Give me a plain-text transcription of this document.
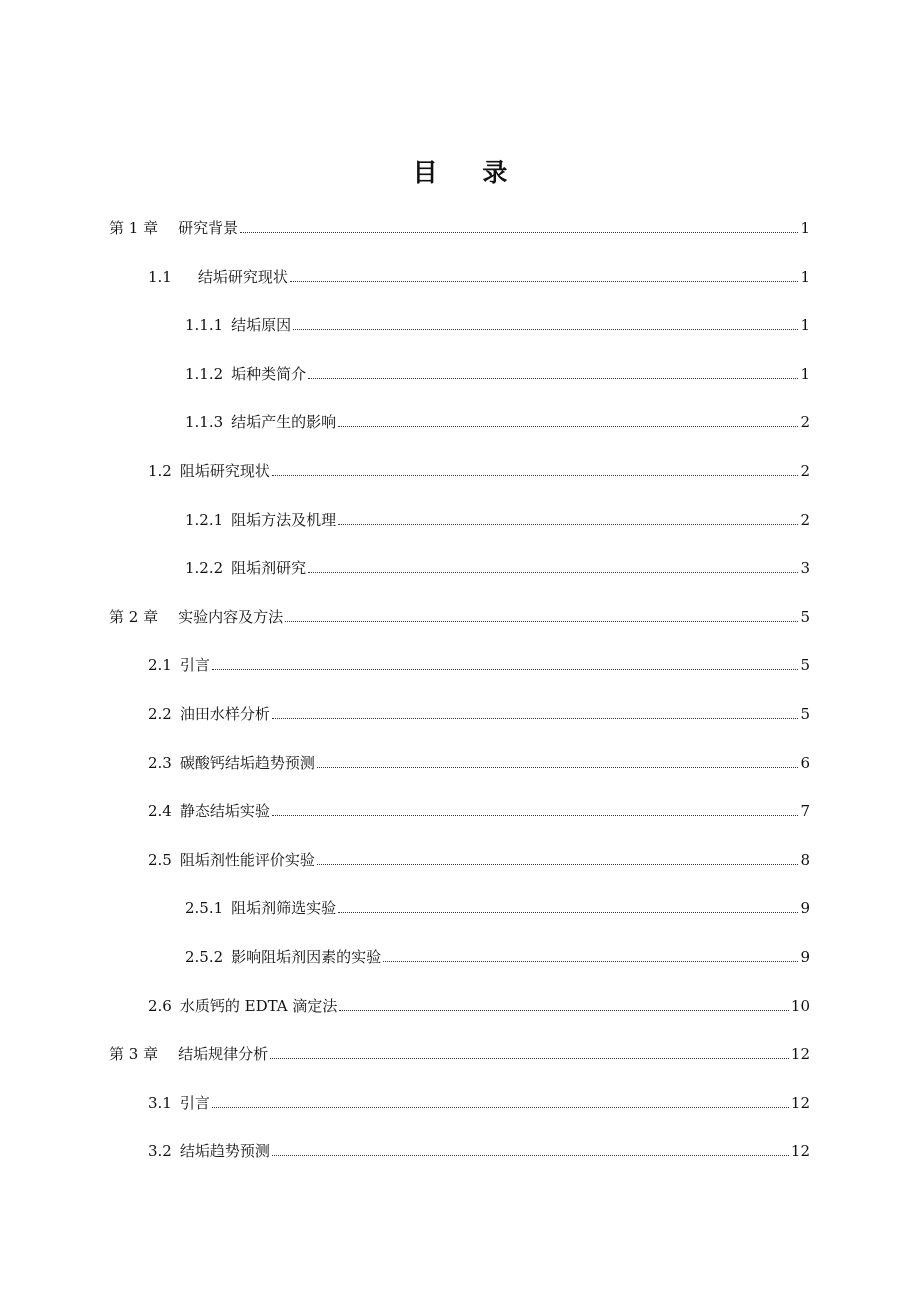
目 录
第 1 章 研究背景	1
1.1 结垢研究现状	1
1.1.1 结垢原因	1
1.1.2 垢种类简介	1
1.1.3 结垢产生的影响	2
1.2 阻垢研究现状	2
1.2.1 阻垢方法及机理	2
1.2.2 阻垢剂研究	3
第 2 章 实验内容及方法	5
2.1 引言	5
2.2 油田水样分析	5
2.3 碳酸钙结垢趋势预测	6
2.4 静态结垢实验	7
2.5 阻垢剂性能评价实验	8
2.5.1 阻垢剂筛选实验	9
2.5.2 影响阻垢剂因素的实验	9
2.6 水质钙的 EDTA 滴定法	10
第 3 章 结垢规律分析	12
3.1 引言	12
3.2 结垢趋势预测	12
